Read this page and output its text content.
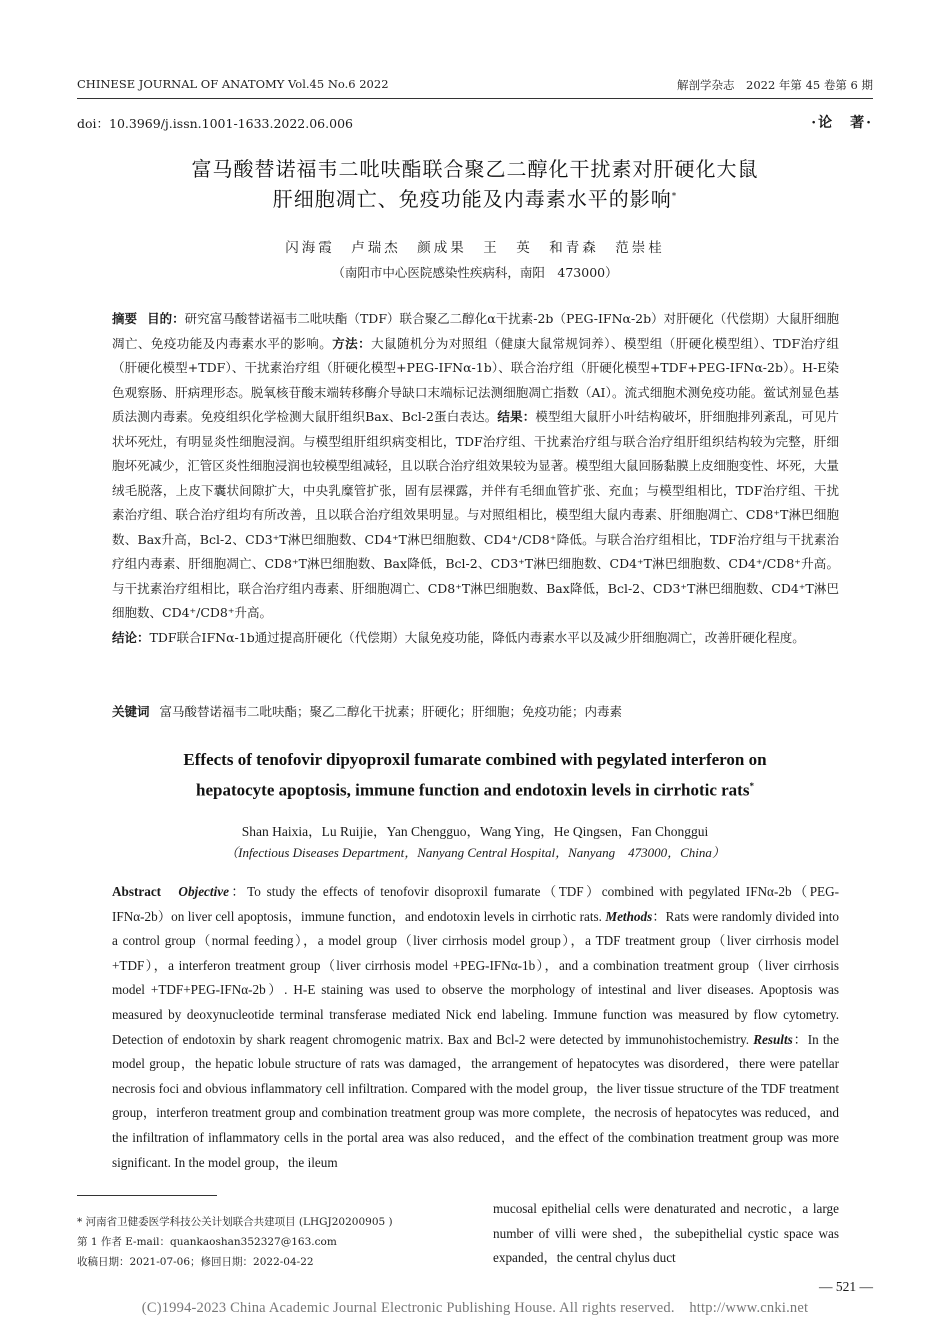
CHINESE JOURNAL OF ANATOMY Vol.45 No.6 2022	解剖学杂志　2022 年第 45 卷第 6 期
doi：10.3969/j.issn.1001-1633.2022.06.006	·论　著·
富马酸替诺福韦二吡呋酯联合聚乙二醇化干扰素对肝硬化大鼠
肝细胞凋亡、免疫功能及内毒素水平的影响*
闪海霞　卢瑞杰　颜成果　王　英　和青森　范崇桂
（南阳市中心医院感染性疾病科，南阳　473000）
摘要 目的：研究富马酸替诺福韦二吡呋酯（TDF）联合聚乙二醇化α干扰素-2b（PEG-IFNα-2b）对肝硬化（代偿期）大鼠肝细胞凋亡、免疫功能及内毒素水平的影响。方法：大鼠随机分为对照组（健康大鼠常规饲养）、模型组（肝硬化模型组）、TDF治疗组（肝硬化模型+TDF）、干扰素治疗组（肝硬化模型+PEG-IFNα-1b）、联合治疗组（肝硬化模型+TDF+PEG-IFNα-2b）。H-E染色观察肠、肝病理形态。脱氧核苷酸末端转移酶介导缺口末端标记法测细胞凋亡指数（AI）。流式细胞术测免疫功能。鲎试剂显色基质法测内毒素。免疫组织化学检测大鼠肝组织Bax、Bcl-2蛋白表达。结果：模型组大鼠肝小叶结构破坏，肝细胞排列紊乱，可见片状坏死灶，有明显炎性细胞浸润。与模型组肝组织病变相比，TDF治疗组、干扰素治疗组与联合治疗组肝组织结构较为完整，肝细胞坏死减少，汇管区炎性细胞浸润也较模型组减轻，且以联合治疗组效果较为显著。模型组大鼠回肠黏膜上皮细胞变性、坏死，大量绒毛脱落，上皮下囊状间隙扩大，中央乳糜管扩张，固有层裸露，并伴有毛细血管扩张、充血；与模型组相比，TDF治疗组、干扰素治疗组、联合治疗组均有所改善，且以联合治疗组效果明显。与对照组相比，模型组大鼠内毒素、肝细胞凋亡、CD8⁺T淋巴细胞数、Bax升高，Bcl-2、CD3⁺T淋巴细胞数、CD4⁺T淋巴细胞数、CD4⁺/CD8⁺降低。与联合治疗组相比，TDF治疗组与干扰素治疗组内毒素、肝细胞凋亡、CD8⁺T淋巴细胞数、Bax降低，Bcl-2、CD3⁺T淋巴细胞数、CD4⁺T淋巴细胞数、CD4⁺/CD8⁺升高。与干扰素治疗组相比，联合治疗组内毒素、肝细胞凋亡、CD8⁺T淋巴细胞数、Bax降低，Bcl-2、CD3⁺T淋巴细胞数、CD4⁺T淋巴细胞数、CD4⁺/CD8⁺升高。
结论：TDF联合IFNα-1b通过提高肝硬化（代偿期）大鼠免疫功能，降低内毒素水平以及减少肝细胞凋亡，改善肝硬化程度。
关键词 富马酸替诺福韦二吡呋酯；聚乙二醇化干扰素；肝硬化；肝细胞；免疫功能；内毒素
Effects of tenofovir dipyoproxil fumarate combined with pegylated interferon on
hepatocyte apoptosis, immune function and endotoxin levels in cirrhotic rats*
Shan Haixia，Lu Ruijie，Yan Chengguo，Wang Ying，He Qingsen，Fan Chonggui
（Infectious Diseases Department，Nanyang Central Hospital，Nanyang　473000，China）
Abstract Objective：To study the effects of tenofovir disoproxil fumarate（TDF）combined with pegylated IFNα-2b（PEG-IFNα-2b）on liver cell apoptosis，immune function，and endotoxin levels in cirrhotic rats. Methods：Rats were randomly divided into a control group（normal feeding），a model group（liver cirrhosis model group），a TDF treatment group（liver cirrhosis model +TDF），a interferon treatment group（liver cirrhosis model +PEG-IFNα-1b），and a combination treatment group（liver cirrhosis model +TDF+PEG-IFNα-2b）. H-E staining was used to observe the morphology of intestinal and liver diseases. Apoptosis was measured by deoxynucleotide terminal transferase mediated Nick end labeling. Immune function was measured by flow cytometry. Detection of endotoxin by shark reagent chromogenic matrix. Bax and Bcl-2 were detected by immunohistochemistry. Results：In the model group，the hepatic lobule structure of rats was damaged，the arrangement of hepatocytes was disordered，there were patellar necrosis foci and obvious inflammatory cell infiltration. Compared with the model group，the liver tissue structure of the TDF treatment group，interferon treatment group and combination treatment group was more complete，the necrosis of hepatocytes was reduced，and the infiltration of inflammatory cells in the portal area was also reduced，and the effect of the combination treatment group was more significant. In the model group，the ileum
* 河南省卫健委医学科技公关计划联合共建项目 (LHGJ20200905 )
第 1 作者 E-mail：quankaoshan352327@163.com
收稿日期：2021-07-06；修回日期：2022-04-22
mucosal epithelial cells were denaturated and necrotic，a large number of villi were shed，the subepithelial cystic space was expanded，the central chylus duct
— 521 —
(C)1994-2023 China Academic Journal Electronic Publishing House. All rights reserved.　http://www.cnki.net
